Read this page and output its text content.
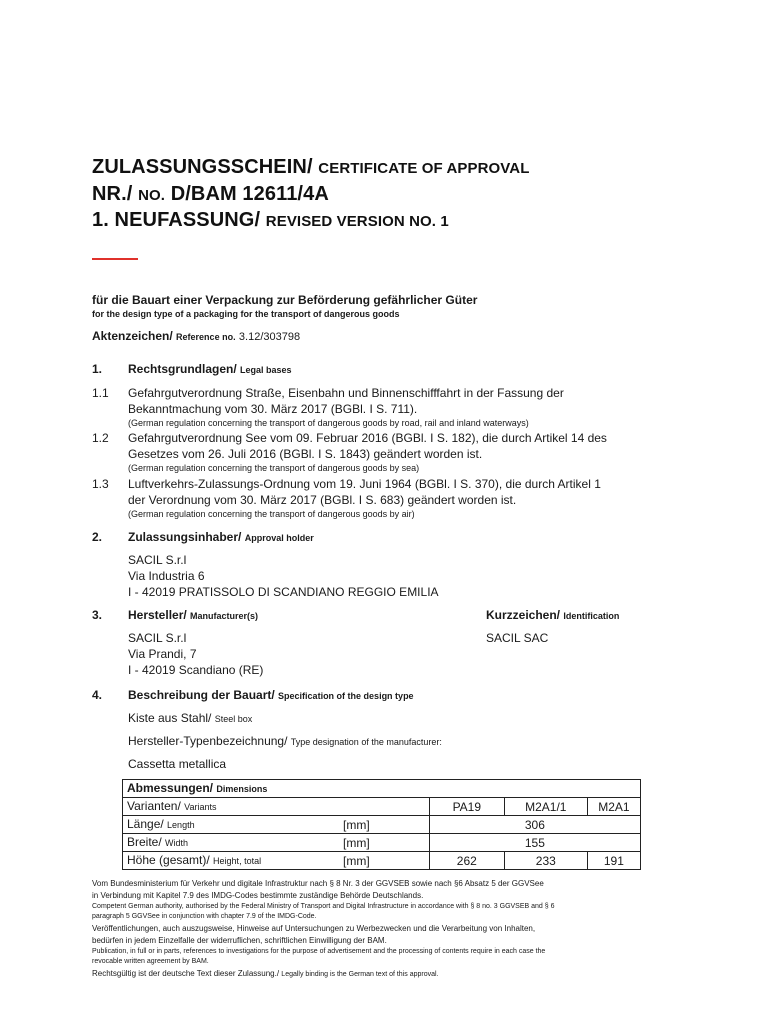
ZULASSUNGSSCHEIN/ CERTIFICATE OF APPROVAL
NR./ NO. D/BAM 12611/4A
1. NEUFASSUNG/ REVISED VERSION NO. 1
für die Bauart einer Verpackung zur Beförderung gefährlicher Güter
for the design type of a packaging for the transport of dangerous goods
Aktenzeichen/ Reference no. 3.12/303798
1. Rechtsgrundlagen/ Legal bases
1.1 Gefahrgutverordnung Straße, Eisenbahn und Binnenschifffahrt in der Fassung der
Bekanntmachung vom 30. März 2017 (BGBl. I S. 711).
(German regulation concerning the transport of dangerous goods by road, rail and inland waterways)
1.2 Gefahrgutverordnung See vom 09. Februar 2016 (BGBl. I S. 182), die durch Artikel 14 des
Gesetzes vom 26. Juli 2016 (BGBl. I S. 1843) geändert worden ist.
(German regulation concerning the transport of dangerous goods by sea)
1.3 Luftverkehrs-Zulassungs-Ordnung vom 19. Juni 1964 (BGBl. I S. 370), die durch Artikel 1
der Verordnung vom 30. März 2017 (BGBl. I S. 683) geändert worden ist.
(German regulation concerning the transport of dangerous goods by air)
2. Zulassungsinhaber/ Approval holder
SACIL S.r.l
Via Industria 6
I - 42019 PRATISSOLO DI SCANDIANO REGGIO EMILIA
3. Hersteller/ Manufacturer(s)	Kurzzeichen/ Identification
SACIL S.r.l
Via Prandi, 7
I - 42019 Scandiano (RE)
SACIL SAC
4. Beschreibung der Bauart/ Specification of the design type
Kiste aus Stahl/ Steel box
Hersteller-Typenbezeichnung/ Type designation of the manufacturer:
Cassetta metallica
Abmessungen/ Dimensions				
Varianten/ Variants		PA19	M2A1/1	M2A1
Länge/ Length	[mm]	306		
Breite/ Width	[mm]	155		
Höhe (gesamt)/ Height, total	[mm]	262	233	191
Vom Bundesministerium für Verkehr und digitale Infrastruktur nach § 8 Nr. 3 der GGVSEB sowie nach §6 Absatz 5 der GGVSee
in Verbindung mit Kapitel 7.9 des IMDG-Codes bestimmte zuständige Behörde Deutschlands.
Competent German authority, authorised by the Federal Ministry of Transport and Digital Infrastructure in accordance with § 8 no. 3 GGVSEB and § 6
paragraph 5 GGVSee in conjunction with chapter 7.9 of the IMDG-Code.
Veröffentlichungen, auch auszugsweise, Hinweise auf Untersuchungen zu Werbezwecken und die Verarbeitung von Inhalten,
bedürfen in jedem Einzelfalle der widerruflichen, schriftlichen Einwilligung der BAM.
Publication, in full or in parts, references to investigations for the purpose of advertisement and the processing of contents require in each case the
revocable written agreement by BAM.
Rechtsgültig ist der deutsche Text dieser Zulassung./ Legally binding is the German text of this approval.
